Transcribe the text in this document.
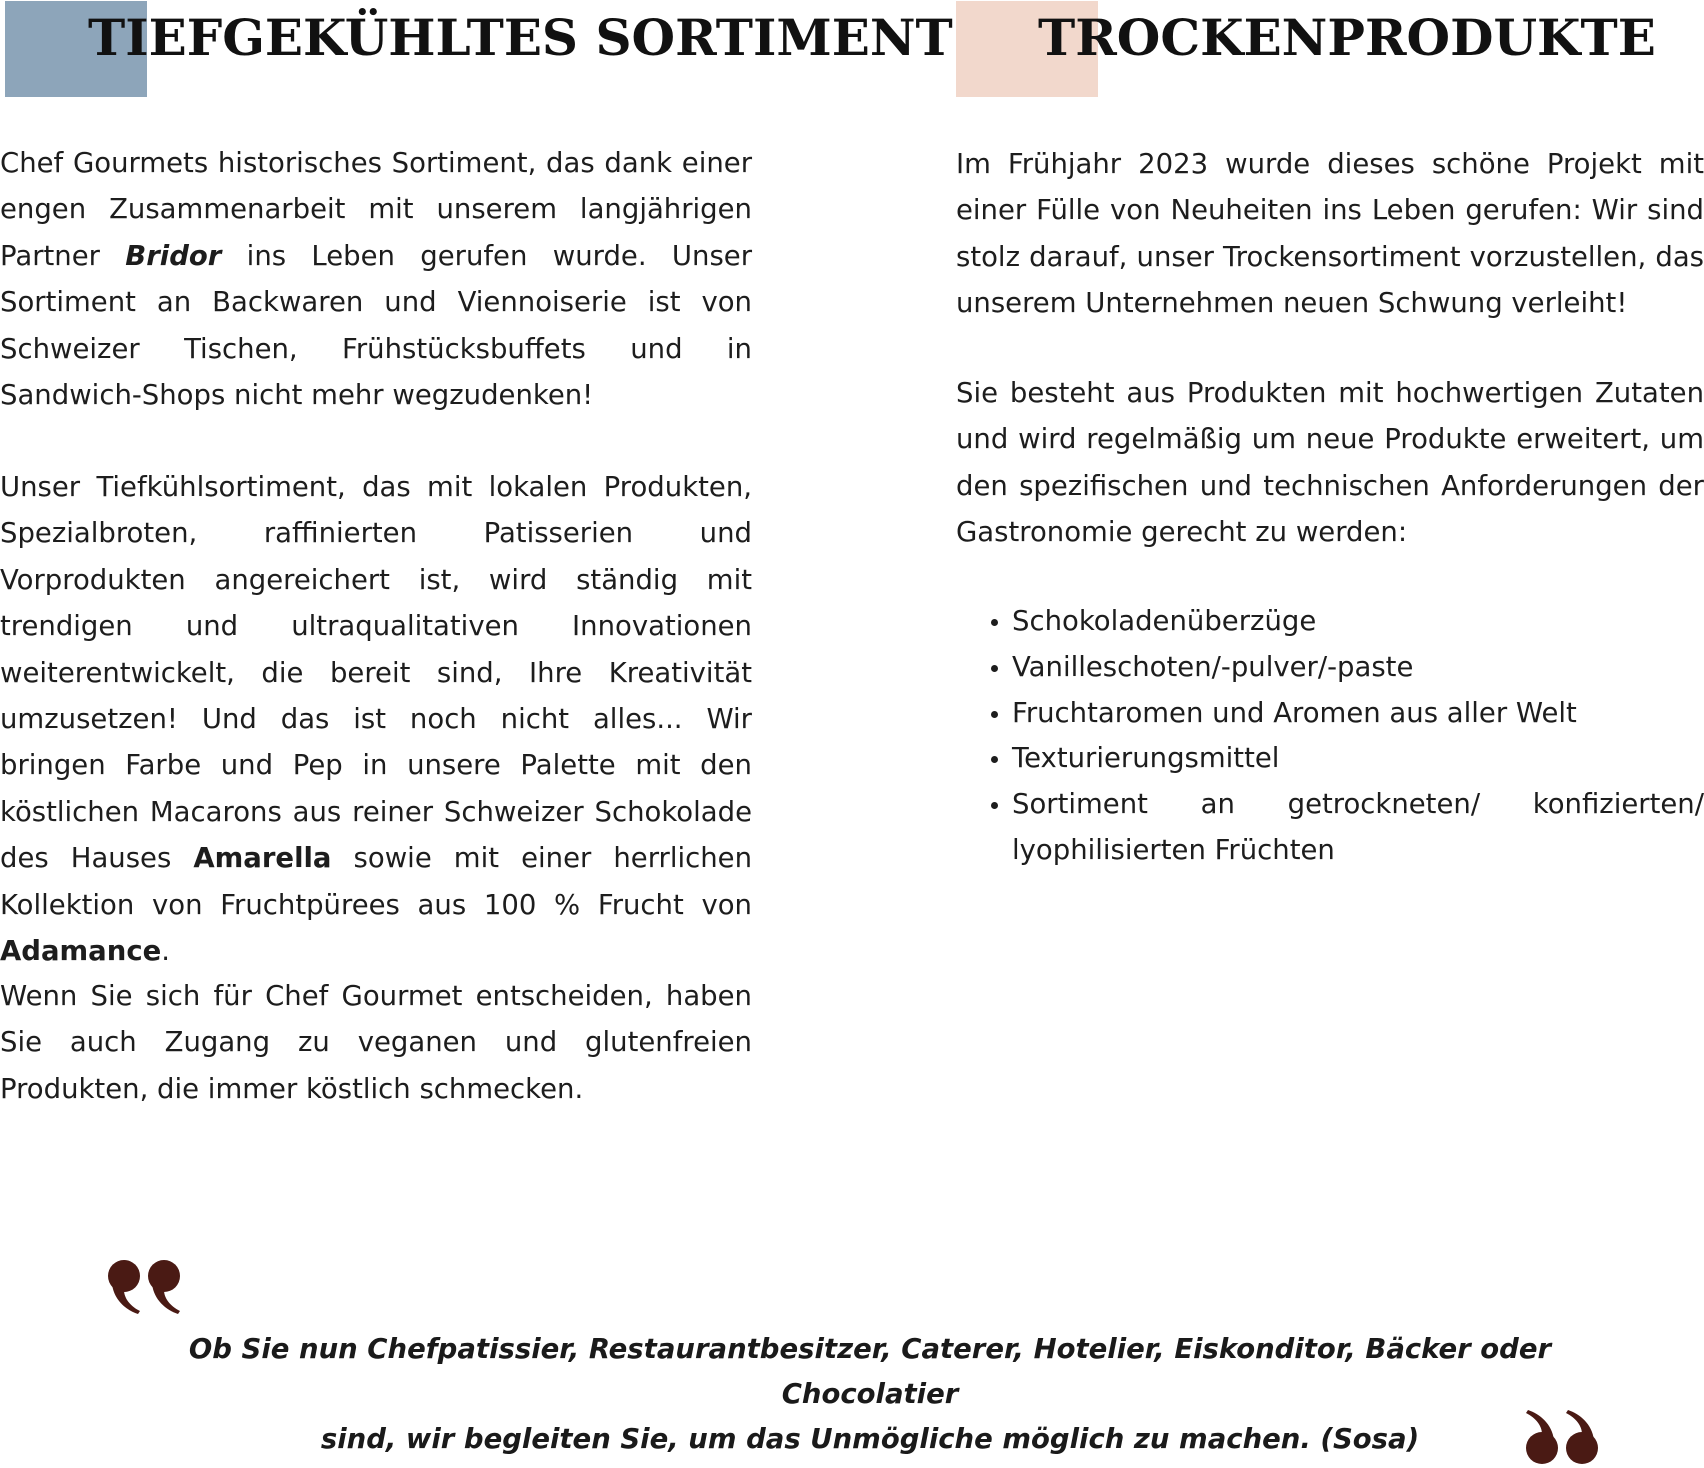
TIEFGEKÜHLTES SORTIMENT

Chef Gourmets historisches Sortiment, das dank einer engen Zusammenarbeit mit unserem langjährigen Partner Bridor ins Leben gerufen wurde. Unser Sortiment an Backwaren und Viennoiserie ist von Schweizer Tischen, Frühstücksbuffets und in Sandwich-Shops nicht mehr wegzudenken!

Unser Tiefkühlsortiment, das mit lokalen Produkten, Spezialbroten, raffinierten Patisserien und Vorprodukten angereichert ist, wird ständig mit trendigen und ultraqualitativen Innovationen weiterentwickelt, die bereit sind, Ihre Kreativität umzusetzen! Und das ist noch nicht alles... Wir bringen Farbe und Pep in unsere Palette mit den köstlichen Macarons aus reiner Schweizer Schokolade des Hauses Amarella sowie mit einer herrlichen Kollektion von Fruchtpürees aus 100 % Frucht von Adamance.

Wenn Sie sich für Chef Gourmet entscheiden, haben Sie auch Zugang zu veganen und glutenfreien Produkten, die immer köstlich schmecken.

TROCKENPRODUKTE

Im Frühjahr 2023 wurde dieses schöne Projekt mit einer Fülle von Neuheiten ins Leben gerufen: Wir sind stolz darauf, unser Trockensortiment vorzustellen, das unserem Unternehmen neuen Schwung verleiht!

Sie besteht aus Produkten mit hochwertigen Zutaten und wird regelmäßig um neue Produkte erweitert, um den spezifischen und technischen Anforderungen der Gastronomie gerecht zu werden:

Schokoladenüberzüge
Vanilleschoten/-pulver/-paste
Fruchtaromen und Aromen aus aller Welt
Texturierungsmittel
Sortiment an getrockneten/ konfizierten/ lyophilisierten Früchten
Ob Sie nun Chefpatissier, Restaurantbesitzer, Caterer, Hotelier, Eiskonditor, Bäcker oder Chocolatier
sind, wir begleiten Sie, um das Unmögliche möglich zu machen. (Sosa)
